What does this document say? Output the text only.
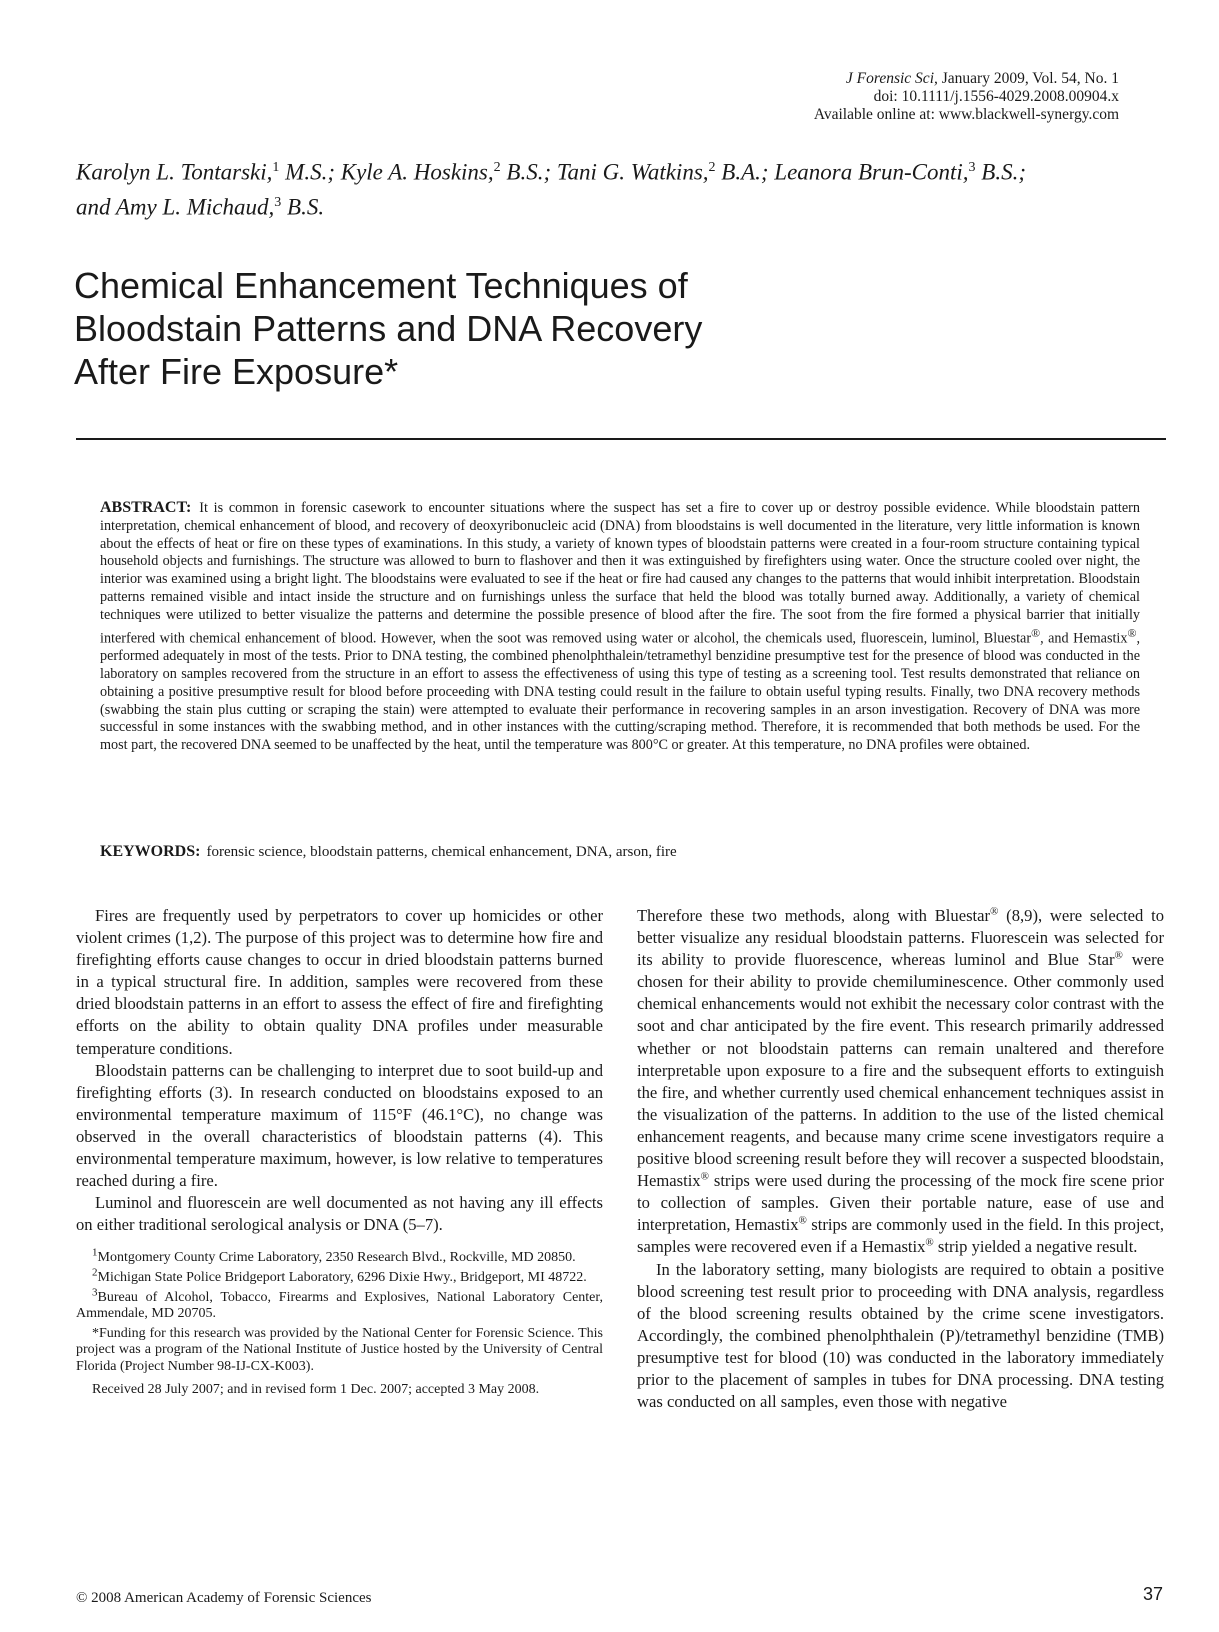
J Forensic Sci, January 2009, Vol. 54, No. 1
doi: 10.1111/j.1556-4029.2008.00904.x
Available online at: www.blackwell-synergy.com
Karolyn L. Tontarski,$^1$ M.S.; Kyle A. Hoskins,$^2$ B.S.; Tani G. Watkins,$^2$ B.A.; Leanora Brun-Conti,$^3$ B.S.;
and Amy L. Michaud,$^3$ B.S.
Chemical Enhancement Techniques of
Bloodstain Patterns and DNA Recovery
After Fire Exposure*

ABSTRACT: It is common in forensic casework to encounter situations where the suspect has set a fire to cover up or destroy possible evidence. While bloodstain pattern interpretation, chemical enhancement of blood, and recovery of deoxyribonucleic acid (DNA) from bloodstains is well documented in the literature, very little information is known about the effects of heat or fire on these types of examinations. In this study, a variety of known types of bloodstain patterns were created in a four-room structure containing typical household objects and furnishings. The structure was allowed to burn to flashover and then it was extinguished by firefighters using water. Once the structure cooled over night, the interior was examined using a bright light. The bloodstains were evaluated to see if the heat or fire had caused any changes to the patterns that would inhibit interpretation. Bloodstain patterns remained visible and intact inside the structure and on furnishings unless the surface that held the blood was totally burned away. Additionally, a variety of chemical techniques were utilized to better visualize the patterns and determine the possible presence of blood after the fire. The soot from the fire formed a physical barrier that initially interfered with chemical enhancement of blood. However, when the soot was removed using water or alcohol, the chemicals used, fluorescein, luminol, Bluestar®, and Hemastix®, performed adequately in most of the tests. Prior to DNA testing, the combined phenolphthalein/tetramethyl benzidine presumptive test for the presence of blood was conducted in the laboratory on samples recovered from the structure in an effort to assess the effectiveness of using this type of testing as a screening tool. Test results demonstrated that reliance on obtaining a positive presumptive result for blood before proceeding with DNA testing could result in the failure to obtain useful typing results. Finally, two DNA recovery methods (swabbing the stain plus cutting or scraping the stain) were attempted to evaluate their performance in recovering samples in an arson investigation. Recovery of DNA was more successful in some instances with the swabbing method, and in other instances with the cutting/scraping method. Therefore, it is recommended that both methods be used. For the most part, the recovered DNA seemed to be unaffected by the heat, until the temperature was 800°C or greater. At this temperature, no DNA profiles were obtained.

KEYWORDS: forensic science, bloodstain patterns, chemical enhancement, DNA, arson, fire

Fires are frequently used by perpetrators to cover up homicides or other violent crimes (1,2). The purpose of this project was to determine how fire and firefighting efforts cause changes to occur in dried bloodstain patterns burned in a typical structural fire. In addition, samples were recovered from these dried bloodstain patterns in an effort to assess the effect of fire and firefighting efforts on the ability to obtain quality DNA profiles under measurable temperature conditions.

Bloodstain patterns can be challenging to interpret due to soot build-up and firefighting efforts (3). In research conducted on bloodstains exposed to an environmental temperature maximum of 115°F (46.1°C), no change was observed in the overall characteristics of bloodstain patterns (4). This environmental temperature maximum, however, is low relative to temperatures reached during a fire.

Luminol and fluorescein are well documented as not having any ill effects on either traditional serological analysis or DNA (5–7).

$^1$Montgomery County Crime Laboratory, 2350 Research Blvd., Rockville, MD 20850.

$^2$Michigan State Police Bridgeport Laboratory, 6296 Dixie Hwy., Bridgeport, MI 48722.

$^3$Bureau of Alcohol, Tobacco, Firearms and Explosives, National Laboratory Center, Ammendale, MD 20705.

*Funding for this research was provided by the National Center for Forensic Science. This project was a program of the National Institute of Justice hosted by the University of Central Florida (Project Number 98-IJ-CX-K003).

Received 28 July 2007; and in revised form 1 Dec. 2007; accepted 3 May 2008.

Therefore these two methods, along with Bluestar® (8,9), were selected to better visualize any residual bloodstain patterns. Fluorescein was selected for its ability to provide fluorescence, whereas luminol and Blue Star® were chosen for their ability to provide chemiluminescence. Other commonly used chemical enhancements would not exhibit the necessary color contrast with the soot and char anticipated by the fire event. This research primarily addressed whether or not bloodstain patterns can remain unaltered and therefore interpretable upon exposure to a fire and the subsequent efforts to extinguish the fire, and whether currently used chemical enhancement techniques assist in the visualization of the patterns. In addition to the use of the listed chemical enhancement reagents, and because many crime scene investigators require a positive blood screening result before they will recover a suspected bloodstain, Hemastix® strips were used during the processing of the mock fire scene prior to collection of samples. Given their portable nature, ease of use and interpretation, Hemastix® strips are commonly used in the field. In this project, samples were recovered even if a Hemastix® strip yielded a negative result.

In the laboratory setting, many biologists are required to obtain a positive blood screening test result prior to proceeding with DNA analysis, regardless of the blood screening results obtained by the crime scene investigators. Accordingly, the combined phenolphthalein (P)/tetramethyl benzidine (TMB) presumptive test for blood (10) was conducted in the laboratory immediately prior to the placement of samples in tubes for DNA processing. DNA testing was conducted on all samples, even those with negative

© 2008 American Academy of Forensic Sciences	37
